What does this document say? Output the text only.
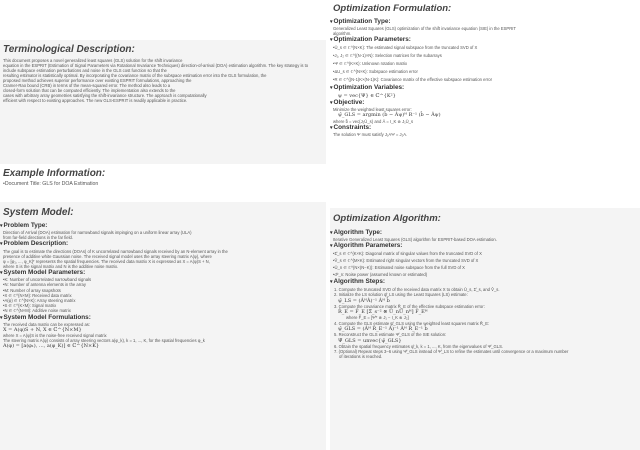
Terminological Description:
This document proposes a novel generalized least squares (GLS) solution for the shift invariance
equation in the ESPRIT (Estimation of Signal Parameters via Rotational Invariance Techniques) direction-of-arrival (DOA) estimation algorithm. The key strategy is to
include subspace estimation perturbations and noise in the GLS cost function so that the
resulting estimator is statistically optimal. By incorporating the covariance matrix of the subspace estimation error into the GLS formulation, the
proposed method achieves superior performance over existing ESPRIT formulations, approaching the
Cramer-Rao bound (CRB) in terms of the mean-squared error. The method also leads to a
closed-form solution that can be computed efficiently. The implementation also extends to the
cases with arbitrary array geometries satisfying the shift-invariance structure. The approach is computationally
efficient with respect to existing approaches. The new GLS-ESPRIT is readily applicable in practice.
Example Information:
• Document Title: GLS for DOA Estimation
System Model:
▾ Problem Type:
Direction of Arrival (DOA) estimation for narrowband signals impinging on a uniform linear array (ULA)
from far-field directions in the far field.
▾ Problem Description:
The goal is to estimate the directions (DOAs) of K uncorrelated narrowband signals received by an N-element array in the
presence of additive white Gaussian noise. The received signal model uses the array steering matrix A(φ), where
φ = [φ₁, ..., φ_K]ᵀ represents the spatial frequencies. The received data matrix X is expressed as X = A(φ)S + N,
where S is the signal matrix and N is the additive noise matrix.
▾ System Model Parameters:
• K: Number of uncorrelated narrowband signals
• N: Number of antenna elements in the array
• M: Number of array snapshots
• X ∈ ℂ^{N×M}: Received data matrix
• A(φ) ∈ ℂ^{N×K}: Array steering matrix
• S ∈ ℂ^{K×M}: Signal matrix
• N ∈ ℂ^{N×M}: Additive noise matrix
▾ System Model Formulations:
The received data matrix can be expressed as:
X = A(φ)S + N, X ∈ ℂ^{N×M}
where X = A(φ)S is the noise-free received signal matrix
The steering matrix A(φ) consists of array steering vectors a(φ_k), k = 1, ..., K, for the spatial frequencies φ_k
A(φ) = [a(φ₁), ..., a(φ_K)] ∈ ℂ^{N×K}
Optimization Formulation:
▾ Optimization Type:
Generalized Least Squares (GLS) optimization of the shift invariance equation (SIE) in the ESPRIT
algorithm.
▾ Optimization Parameters:
• Û_s ∈ ℂ^{N×K}: The estimated signal subspace from the truncated SVD of X
• J₁, J₂ ∈ ℂ^{(N-1)×N}: Selection matrices for the subarrays
• Ψ ∈ ℂ^{K×K}: Unknown rotation matrix
• ΔU_s ∈ ℂ^{N×K}: Subspace estimation error
• R ∈ ℂ^{(N-1)K×(N-1)K}: Covariance matrix of the effective subspace estimation error
▾ Optimization Variables:
ψ = vec{Ψ} ∈ ℂ^{K²}
▾ Objective:
Minimize the weighted least squares error:
ψ̂_GLS = argmin (b̂ − Âψ)ᴴ R⁻¹ (b̂ − Âψ)
where b̂ = vec{J₂Û_s} and Â = I_K ⊗ J₁Û_s
▾ Constraints:
The solution Ψ must satisfy J₁AΨ = J₂A.
Optimization Algorithm:
▾ Algorithm Type:
Iterative Generalized Least Squares (GLS) algorithm for ESPRIT-based DOA estimation.
▾ Algorithm Parameters:
• Σ̂_s ∈ ℂ^{K×K}: Diagonal matrix of singular values from the truncated SVD of X
• V̂_s ∈ ℂ^{M×K}: Estimated right singular vectors from the truncated SVD of X
• Û_n ∈ ℂ^{N×(N−K)}: Estimated noise subspace from the full SVD of X
• σ̂²_n: Noise power (assumed known or estimated)
▾ Algorithm Steps:
1. Compute the truncated SVD of the received data matrix X to obtain Û_s, Σ̂_s, and V̂_s.
2. Initialize the LS solution ψ̂_LS using the Least Squares (LS) estimate:
ψ̂_LS = (ÂᴴÂ)⁻¹ Âᴴ b̂
3. Compute the covariance matrix R̂_E of the effective subspace estimation error:
R̂_E = F̂_E [Σ̂_s⁻² ⊗ Û_nÛ_nᴴ] F̂_Eᴴ
where F̂_E = [Ψ̂ᵀ ⊗ J₁ − I_K ⊗ J₂]
4. Compute the GLS estimate ψ̂_GLS using the weighted least squares matrix R̂_E:
ψ̂_GLS = (Âᴴ R̂_E⁻¹ Â)⁻¹ Âᴴ R̂_E⁻¹ b̂
5. Reconstruct the GLS estimate Ψ̂_GLS of the SIE solution:
Ψ̂_GLS = unvec{ψ̂_GLS}
6. Obtain the spatial frequency estimates φ̂_k, k = 1, ..., K, from the eigenvalues of Ψ̂_GLS.
7. (Optional) Repeat steps 3–6 using Ψ̂_GLS instead of Ψ̂_LS to refine the estimates until convergence or a maximum number
of iterations is reached.
